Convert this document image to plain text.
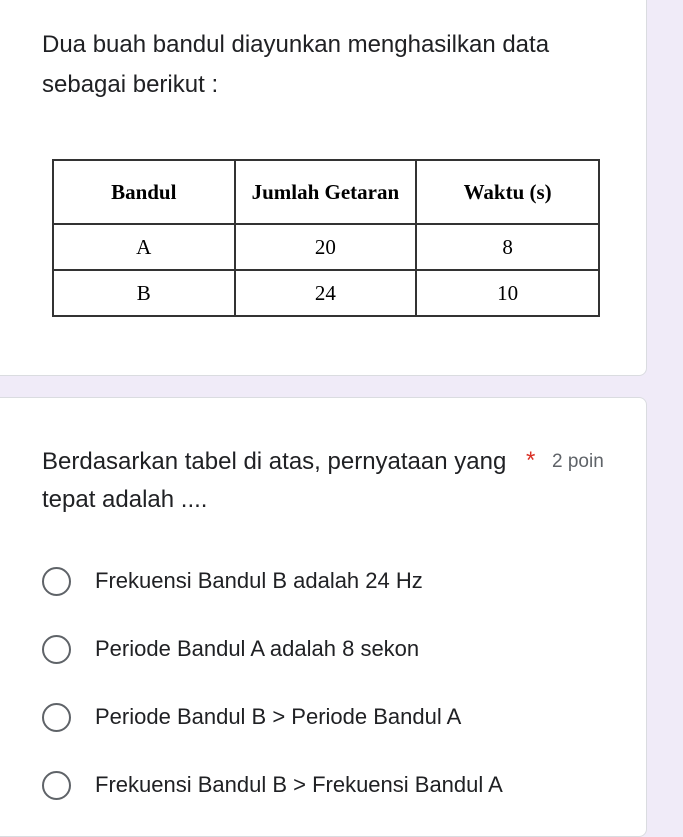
Dua buah bandul diayunkan menghasilkan data sebagai berikut :

Bandul	Jumlah Getaran	Waktu (s)
A	20	8
B	24	10

Berdasarkan tabel di atas, pernyataan yang tepat adalah ....

* 2 poin
Frekuensi Bandul B adalah 24 Hz
Periode Bandul A adalah 8 sekon
Periode Bandul B > Periode Bandul A
Frekuensi Bandul B > Frekuensi Bandul A
